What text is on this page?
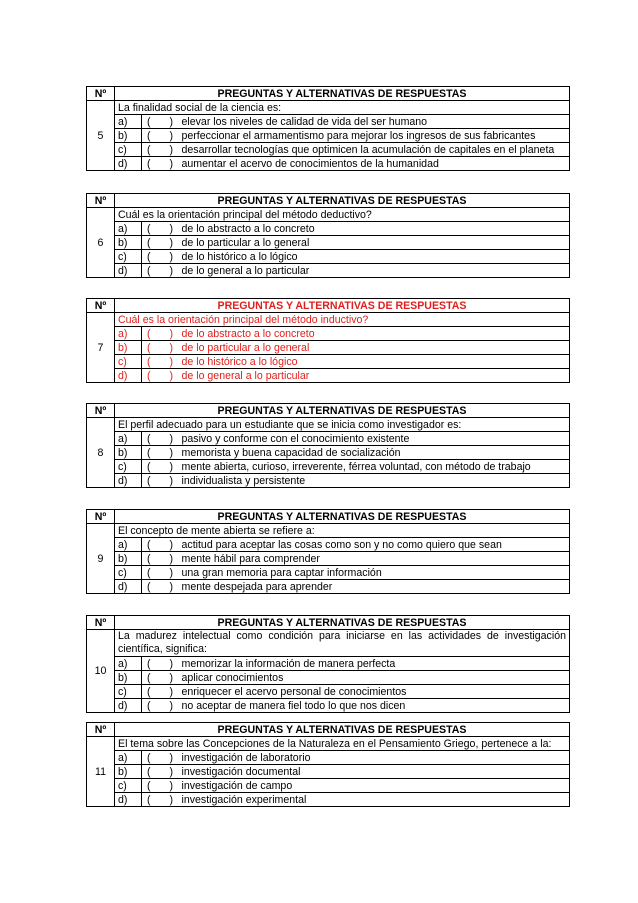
Nº	PREGUNTAS Y ALTERNATIVAS DE RESPUESTAS		
5	La finalidad social de la ciencia es:		
	a)	(	) elevar los niveles de calidad de vida del ser humano
	b)	(	) perfeccionar el armamentismo para mejorar los ingresos de sus fabricantes
	c)	(	) desarrollar tecnologías que optimicen la acumulación de capitales en el planeta
	d)	(	) aumentar el acervo de conocimientos de la humanidad
Nº	PREGUNTAS Y ALTERNATIVAS DE RESPUESTAS		
6	Cuál es la orientación principal del método deductivo?		
	a)	(	) de lo abstracto a lo concreto
	b)	(	) de lo particular a lo general
	c)	(	) de lo histórico a lo lógico
	d)	(	) de lo general a lo particular
Nº	PREGUNTAS Y ALTERNATIVAS DE RESPUESTAS		
7	Cuál es la orientación principal del método inductivo?		
	a)	(	) de lo abstracto a lo concreto
	b)	(	) de lo particular a lo general
	c)	(	) de lo histórico a lo lógico
	d)	(	) de lo general a lo particular
Nº	PREGUNTAS Y ALTERNATIVAS DE RESPUESTAS		
8	El perfil adecuado para un estudiante que se inicia como investigador es:		
	a)	(	) pasivo y conforme con el conocimiento existente
	b)	(	) memorista y buena capacidad de socialización
	c)	(	) mente abierta, curioso, irreverente, férrea voluntad, con método de trabajo
	d)	(	) individualista y persistente
Nº	PREGUNTAS Y ALTERNATIVAS DE RESPUESTAS		
9	El concepto de mente abierta se refiere a:		
	a)	(	) actitud para aceptar las cosas como son y no como quiero que sean
	b)	(	) mente hábil para comprender
	c)	(	) una gran memoria para captar información
	d)	(	) mente despejada para aprender
Nº	PREGUNTAS Y ALTERNATIVAS DE RESPUESTAS		
10	La madurez intelectual como condición para iniciarse en las actividades de investigación científica, significa:		
	a)	(	) memorizar la información de manera perfecta
	b)	(	) aplicar conocimientos
	c)	(	) enriquecer el acervo personal de conocimientos
	d)	(	) no aceptar de manera fiel todo lo que nos dicen
Nº	PREGUNTAS Y ALTERNATIVAS DE RESPUESTAS		
11	El tema sobre las Concepciones de la Naturaleza en el Pensamiento Griego, pertenece a la:		
	a)	(	) investigación de laboratorio
	b)	(	) investigación documental
	c)	(	) investigación de campo
	d)	(	) investigación experimental
